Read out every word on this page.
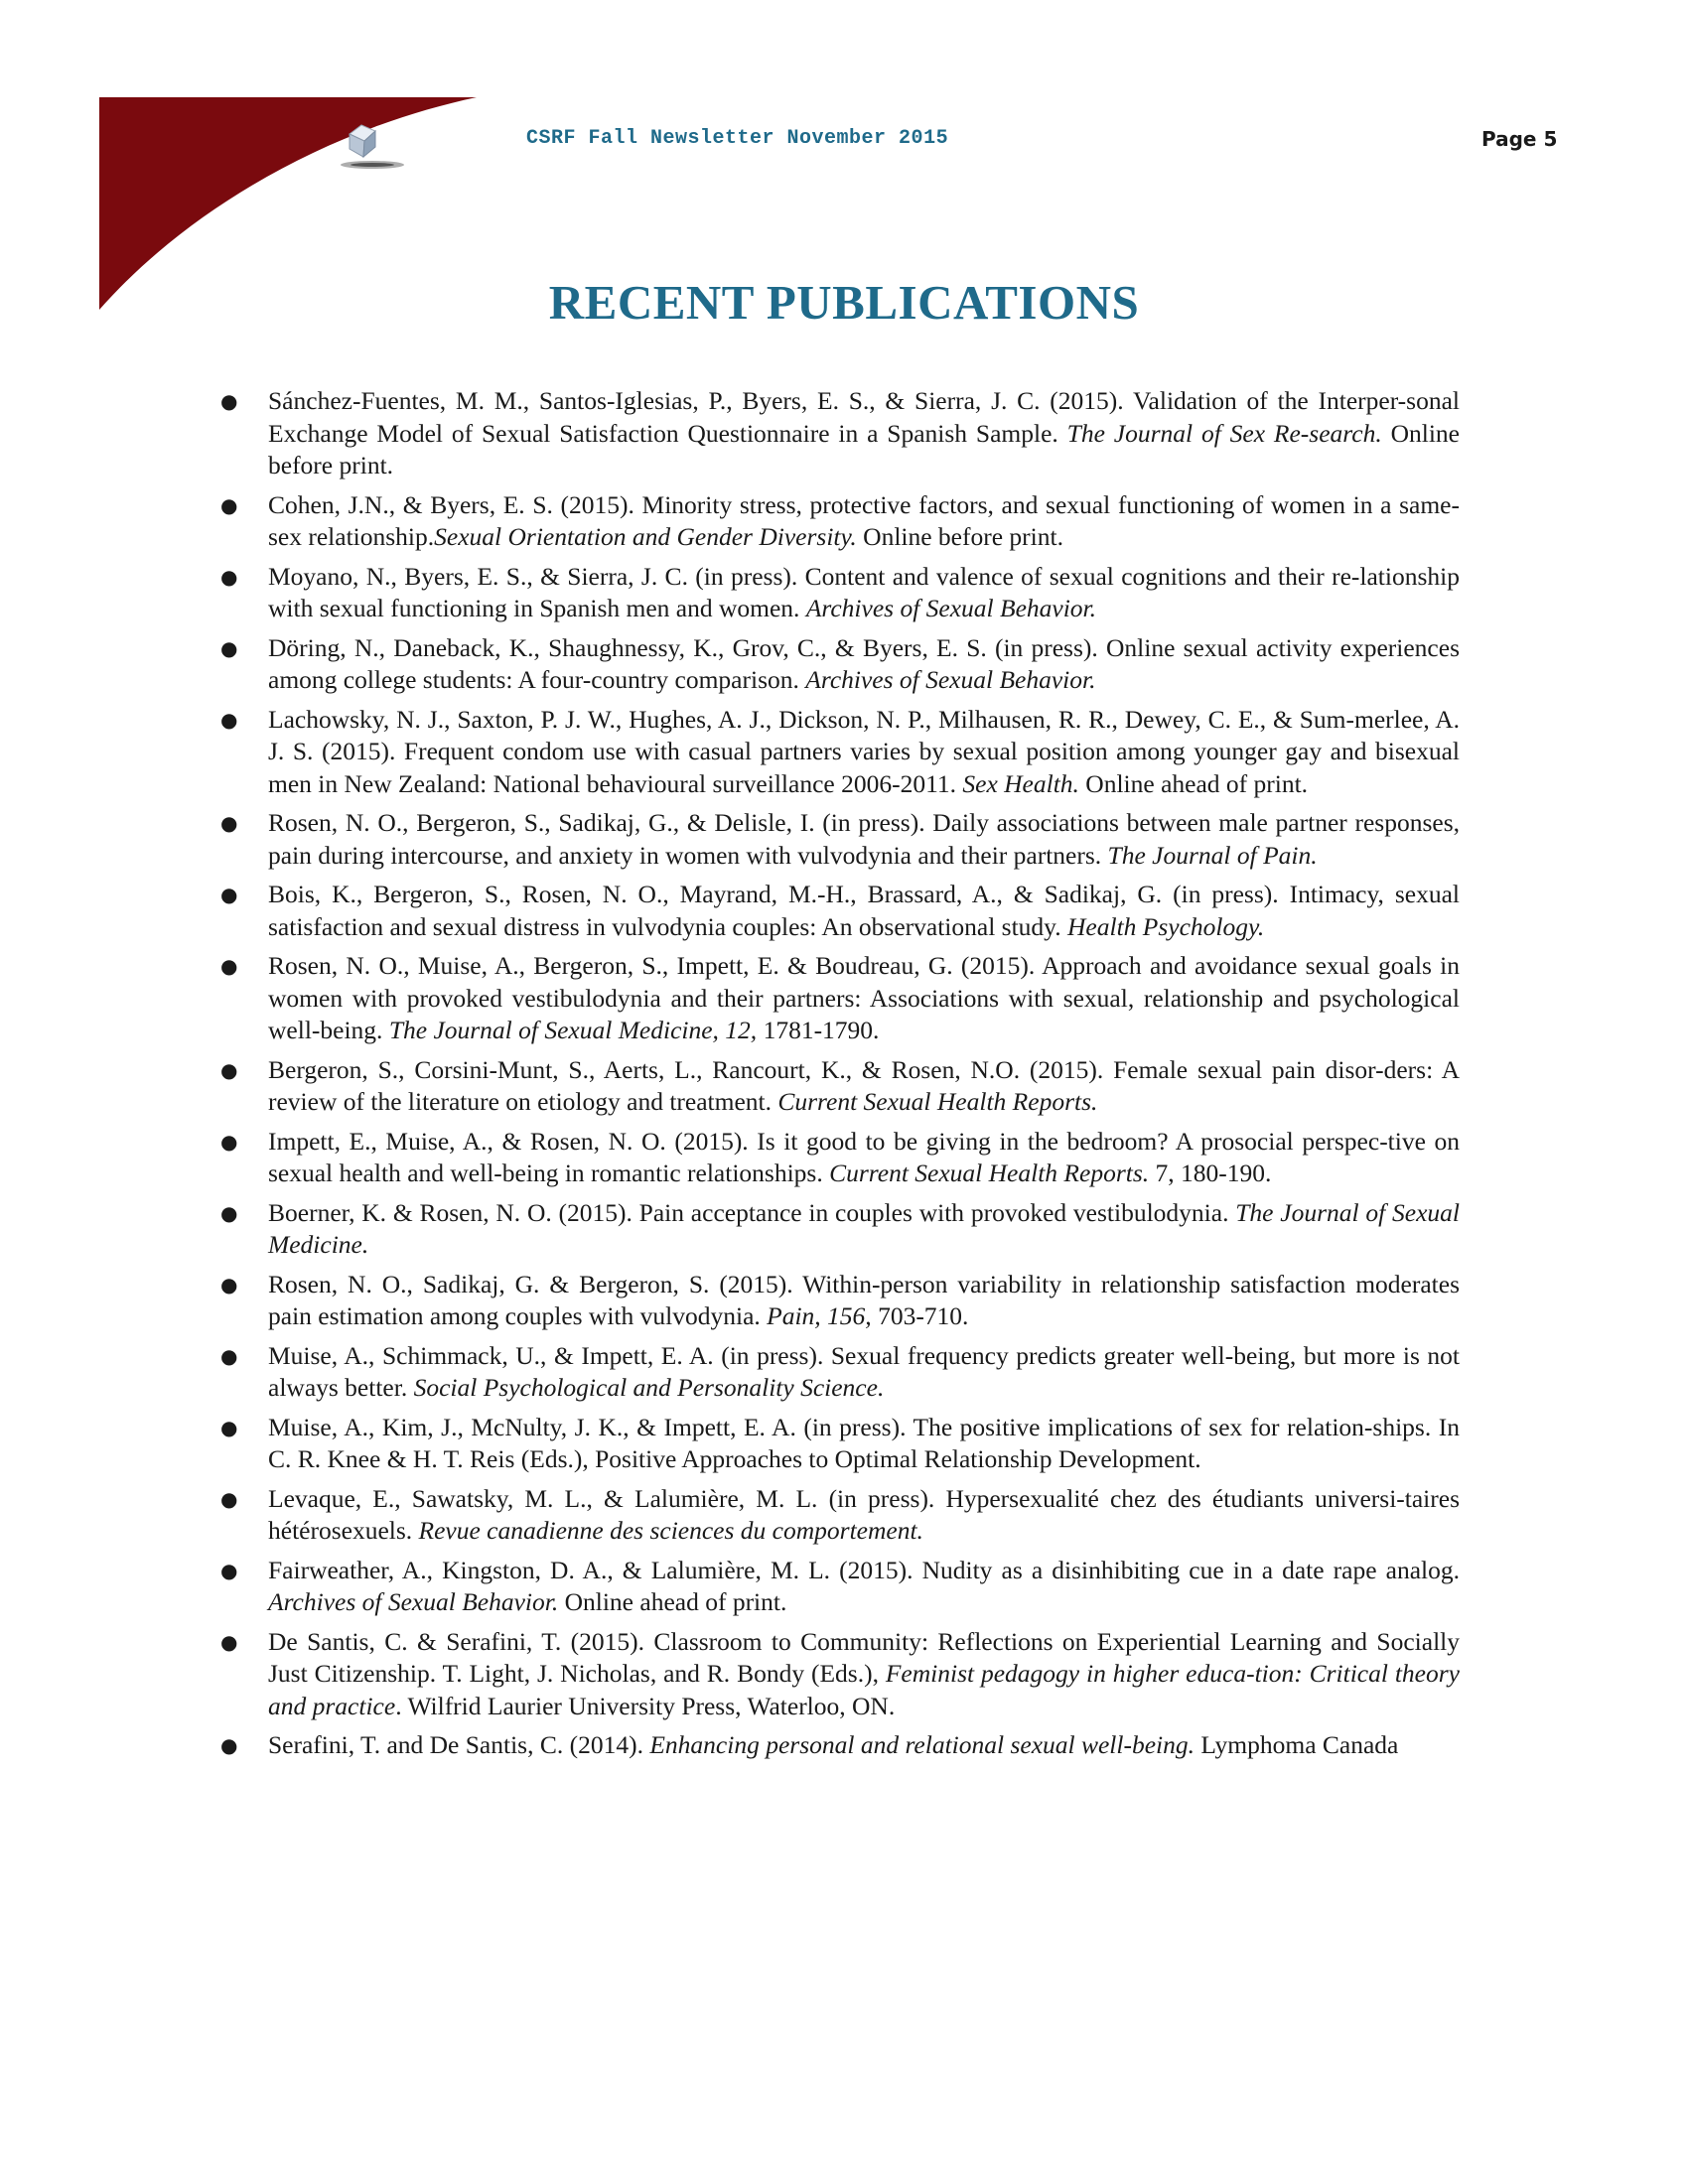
CSRF Fall Newsletter November 2015	Page 5
RECENT PUBLICATIONS
● Sánchez-Fuentes, M. M., Santos-Iglesias, P., Byers, E. S., & Sierra, J. C. (2015). Validation of the Interper-sonal Exchange Model of Sexual Satisfaction Questionnaire in a Spanish Sample. The Journal of Sex Re-search. Online before print.
● Cohen, J.N., & Byers, E. S. (2015). Minority stress, protective factors, and sexual functioning of women in a same-sex relationship.Sexual Orientation and Gender Diversity. Online before print.
● Moyano, N., Byers, E. S., & Sierra, J. C. (in press). Content and valence of sexual cognitions and their re-lationship with sexual functioning in Spanish men and women. Archives of Sexual Behavior.
● Döring, N., Daneback, K., Shaughnessy, K., Grov, C., & Byers, E. S. (in press). Online sexual activity experiences among college students: A four-country comparison. Archives of Sexual Behavior.
● Lachowsky, N. J., Saxton, P. J. W., Hughes, A. J., Dickson, N. P., Milhausen, R. R., Dewey, C. E., & Sum-merlee, A. J. S. (2015). Frequent condom use with casual partners varies by sexual position among younger gay and bisexual men in New Zealand: National behavioural surveillance 2006-2011. Sex Health. Online ahead of print.
● Rosen, N. O., Bergeron, S., Sadikaj, G., & Delisle, I. (in press). Daily associations between male partner responses, pain during intercourse, and anxiety in women with vulvodynia and their partners. The Journal of Pain.
● Bois, K., Bergeron, S., Rosen, N. O., Mayrand, M.-H., Brassard, A., & Sadikaj, G. (in press). Intimacy, sexual satisfaction and sexual distress in vulvodynia couples: An observational study. Health Psychology.
● Rosen, N. O., Muise, A., Bergeron, S., Impett, E. & Boudreau, G. (2015). Approach and avoidance sexual goals in women with provoked vestibulodynia and their partners: Associations with sexual, relationship and psychological well-being. The Journal of Sexual Medicine, 12, 1781-1790.
● Bergeron, S., Corsini-Munt, S., Aerts, L., Rancourt, K., & Rosen, N.O. (2015). Female sexual pain disor-ders: A review of the literature on etiology and treatment. Current Sexual Health Reports.
● Impett, E., Muise, A., & Rosen, N. O. (2015). Is it good to be giving in the bedroom? A prosocial perspec-tive on sexual health and well-being in romantic relationships. Current Sexual Health Reports. 7, 180-190.
● Boerner, K. & Rosen, N. O. (2015). Pain acceptance in couples with provoked vestibulodynia. The Journal of Sexual Medicine.
● Rosen, N. O., Sadikaj, G. & Bergeron, S. (2015). Within-person variability in relationship satisfaction moderates pain estimation among couples with vulvodynia. Pain, 156, 703-710.
● Muise, A., Schimmack, U., & Impett, E. A. (in press). Sexual frequency predicts greater well-being, but more is not always better. Social Psychological and Personality Science.
● Muise, A., Kim, J., McNulty, J. K., & Impett, E. A. (in press). The positive implications of sex for relation-ships. In C. R. Knee & H. T. Reis (Eds.), Positive Approaches to Optimal Relationship Development.
● Levaque, E., Sawatsky, M. L., & Lalumière, M. L. (in press). Hypersexualité chez des étudiants universi-taires hétérosexuels. Revue canadienne des sciences du comportement.
● Fairweather, A., Kingston, D. A., & Lalumière, M. L. (2015). Nudity as a disinhibiting cue in a date rape analog. Archives of Sexual Behavior. Online ahead of print.
● De Santis, C. & Serafini, T. (2015). Classroom to Community: Reflections on Experiential Learning and Socially Just Citizenship. T. Light, J. Nicholas, and R. Bondy (Eds.), Feminist pedagogy in higher educa-tion: Critical theory and practice. Wilfrid Laurier University Press, Waterloo, ON.
● Serafini, T. and De Santis, C. (2014). Enhancing personal and relational sexual well-being. Lymphoma Canada
